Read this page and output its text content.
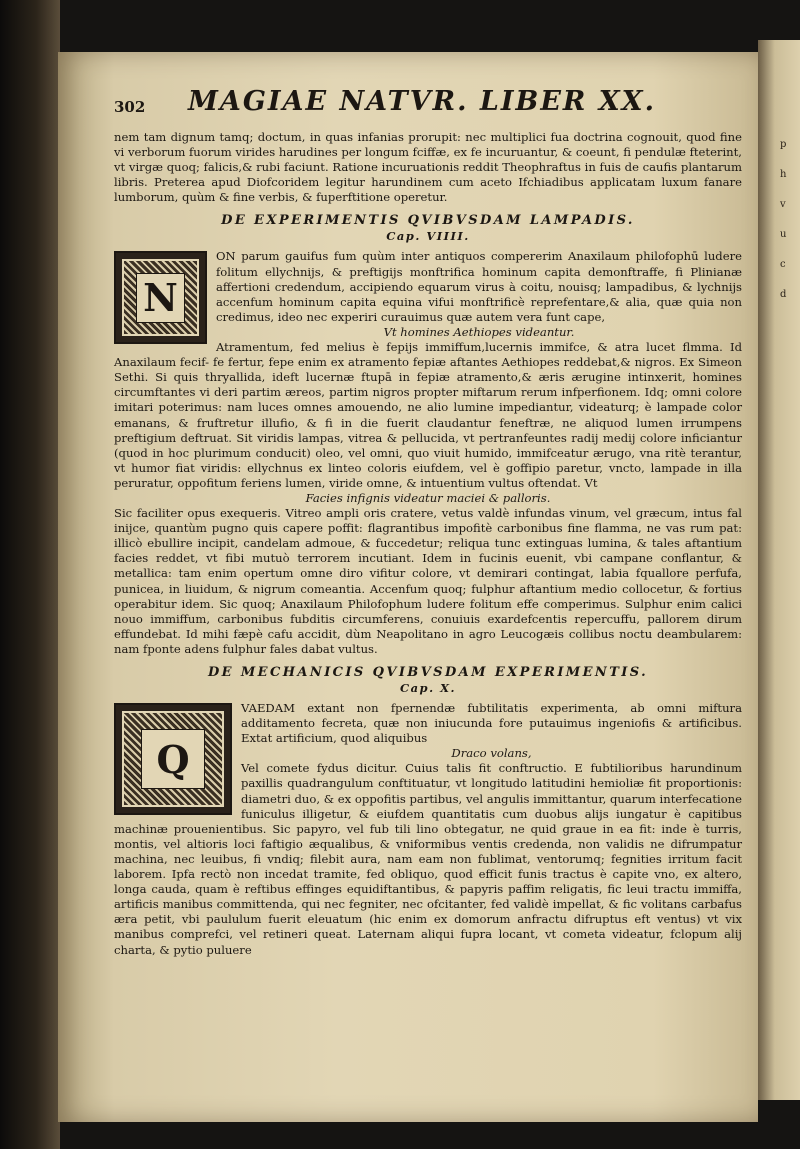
p
h
v
u
c
d
302 MAGIAE NATVR. LIBER XX.

nem tam dignum tamq; doctum, in quas infanias prorupit: nec multiplici fua doctrina cognouit, quod fine vi verborum fuorum virides harudines per longum fciffæ, ex fe incuruantur, & coeunt, fi pendulæ fteterint, vt virgæ quoq; falicis,& rubi faciunt. Ratione incuruationis reddit Theophraftus in fuis de caufis plantarum libris. Preterea apud Diofcoridem legitur harundinem cum aceto Ifchiadibus applicatam luxum fanare lumborum, quùm & fine verbis, & fuperftitione operetur.

DE EXPERIMENTIS QVIBVSDAM LAMPADIS.
Cap. VIIII.
N

ON parum gauifus fum quùm inter antiquos compererim Anaxilaum philofophū ludere folitum ellychnijs, & preftigijs monftrifica hominum capita demonftraffe, fi Plinianæ affertioni credendum, accipiendo equarum virus à coitu, nouisq; lampadibus, & lychnijs accenfum hominum capita equina vifui monftrificè reprefentare,& alia, quæ quia non credimus, ideo nec experiri curauimus quæ autem vera funt cape,

Vt homines Aethiopes videantur.

Atramentum, fed melius è fepijs immiffum,lucernis immifce, & atra lucet flmma. Id Anaxilaum fecif- fe fertur, fepe enim ex atramento fepiæ aftantes Aethiopes reddebat,& nigros. Ex Simeon Sethi. Si quis thryallida, ideft lucernæ ftupā in fepiæ atramento,& æris ærugine intinxerit, homines circumftantes vi deri partim æreos, partim nigros propter miftarum rerum infperfionem. Idq; omni colore imitari poterimus: nam luces omnes amouendo, ne alio lumine impediantur, videaturq; è lampade color emanans, & fruftretur illufio, & fi in die fuerit claudantur feneftræ, ne aliquod lumen irrumpens preftigium deftruat. Sit viridis lampas, vitrea & pellucida, vt pertranfeuntes radij medij colore inficiantur (quod in hoc plurimum conducit) oleo, vel omni, quo viuit humido, immifceatur ærugo, vna ritè terantur, vt humor fiat viridis: ellychnus ex linteo coloris eiufdem, vel è goffipio paretur, vncto, lampade in illa peruratur, oppofitum feriens lumen, viride omne, & intuentium vultus oftendat. Vt

Facies infignis videatur maciei & palloris.

Sic faciliter opus exequeris. Vitreo ampli oris cratere, vetus valdè infundas vinum, vel græcum, intus fal inijce, quantùm pugno quis capere poffit: flagrantibus impofitè carbonibus fine flamma, ne vas rum pat: illicò ebullire incipit, candelam admoue, & fuccedetur; reliqua tunc extinguas lumina, & tales aftantium facies reddet, vt fibi mutuò terrorem incutiant. Idem in fucinis euenit, vbi campane conflantur, & metallica: tam enim opertum omne diro vifitur colore, vt demirari contingat, labia fquallore perfufa, punicea, in liuidum, & nigrum comeantia. Accenfum quoq; fulphur aftantium medio collocetur, & fortius operabitur idem. Sic quoq; Anaxilaum Philofophum ludere folitum effe comperimus. Sulphur enim calici nouo immiffum, carbonibus fubditis circumferens, conuiuis exardefcentis repercuffu, pallorem dirum effundebat. Id mihi fæpè cafu accidit, dùm Neapolitano in agro Leucogæis collibus noctu deambularem: nam fponte adens fulphur fales dabat vultus.

DE MECHANICIS QVIBVSDAM EXPERIMENTIS.
Cap. X.
Q

VAEDAM extant non fpernendæ fubtilitatis experimenta, ab omni miftura additamento fecreta, quæ non iniucunda fore putauimus ingeniofis & artificibus. Extat artificium, quod aliquibus

Draco volans,

Vel comete fydus dicitur. Cuius talis fit conftructio. E fubtilioribus harundinum paxillis quadrangulum conftituatur, vt longitudo latitudini hemioliæ fit proportionis: diametri duo, & ex oppofitis partibus, vel angulis immittantur, quarum interfecatione funiculus illigetur, & eiufdem quantitatis cum duobus alijs iungatur è capitibus machinæ prouenientibus. Sic papyro, vel fub tili lino obtegatur, ne quid graue in ea fit: inde è turris, montis, vel altioris loci faftigio æqualibus, & vniformibus ventis credenda, non validis ne difrumpatur machina, nec leuibus, fi vndiq; filebit aura, nam eam non fublimat, ventorumq; fegnities irritum facit laborem. Ipfa rectò non incedat tramite, fed obliquo, quod efficit funis tractus è capite vno, ex altero, longa cauda, quam è reftibus effinges equidiftantibus, & papyris paffim religatis, fic leui tractu immiffa, artificis manibus committenda, qui nec fegniter, nec ofcitanter, fed validè impellat, & fic volitans carbafus æra petit, vbi paululum fuerit eleuatum (hic enim ex domorum anfractu difruptus eft ventus) vt vix manibus comprefci, vel retineri queat. Laternam aliqui fupra locant, vt cometa videatur, fclopum alij charta, & pytio puluere
